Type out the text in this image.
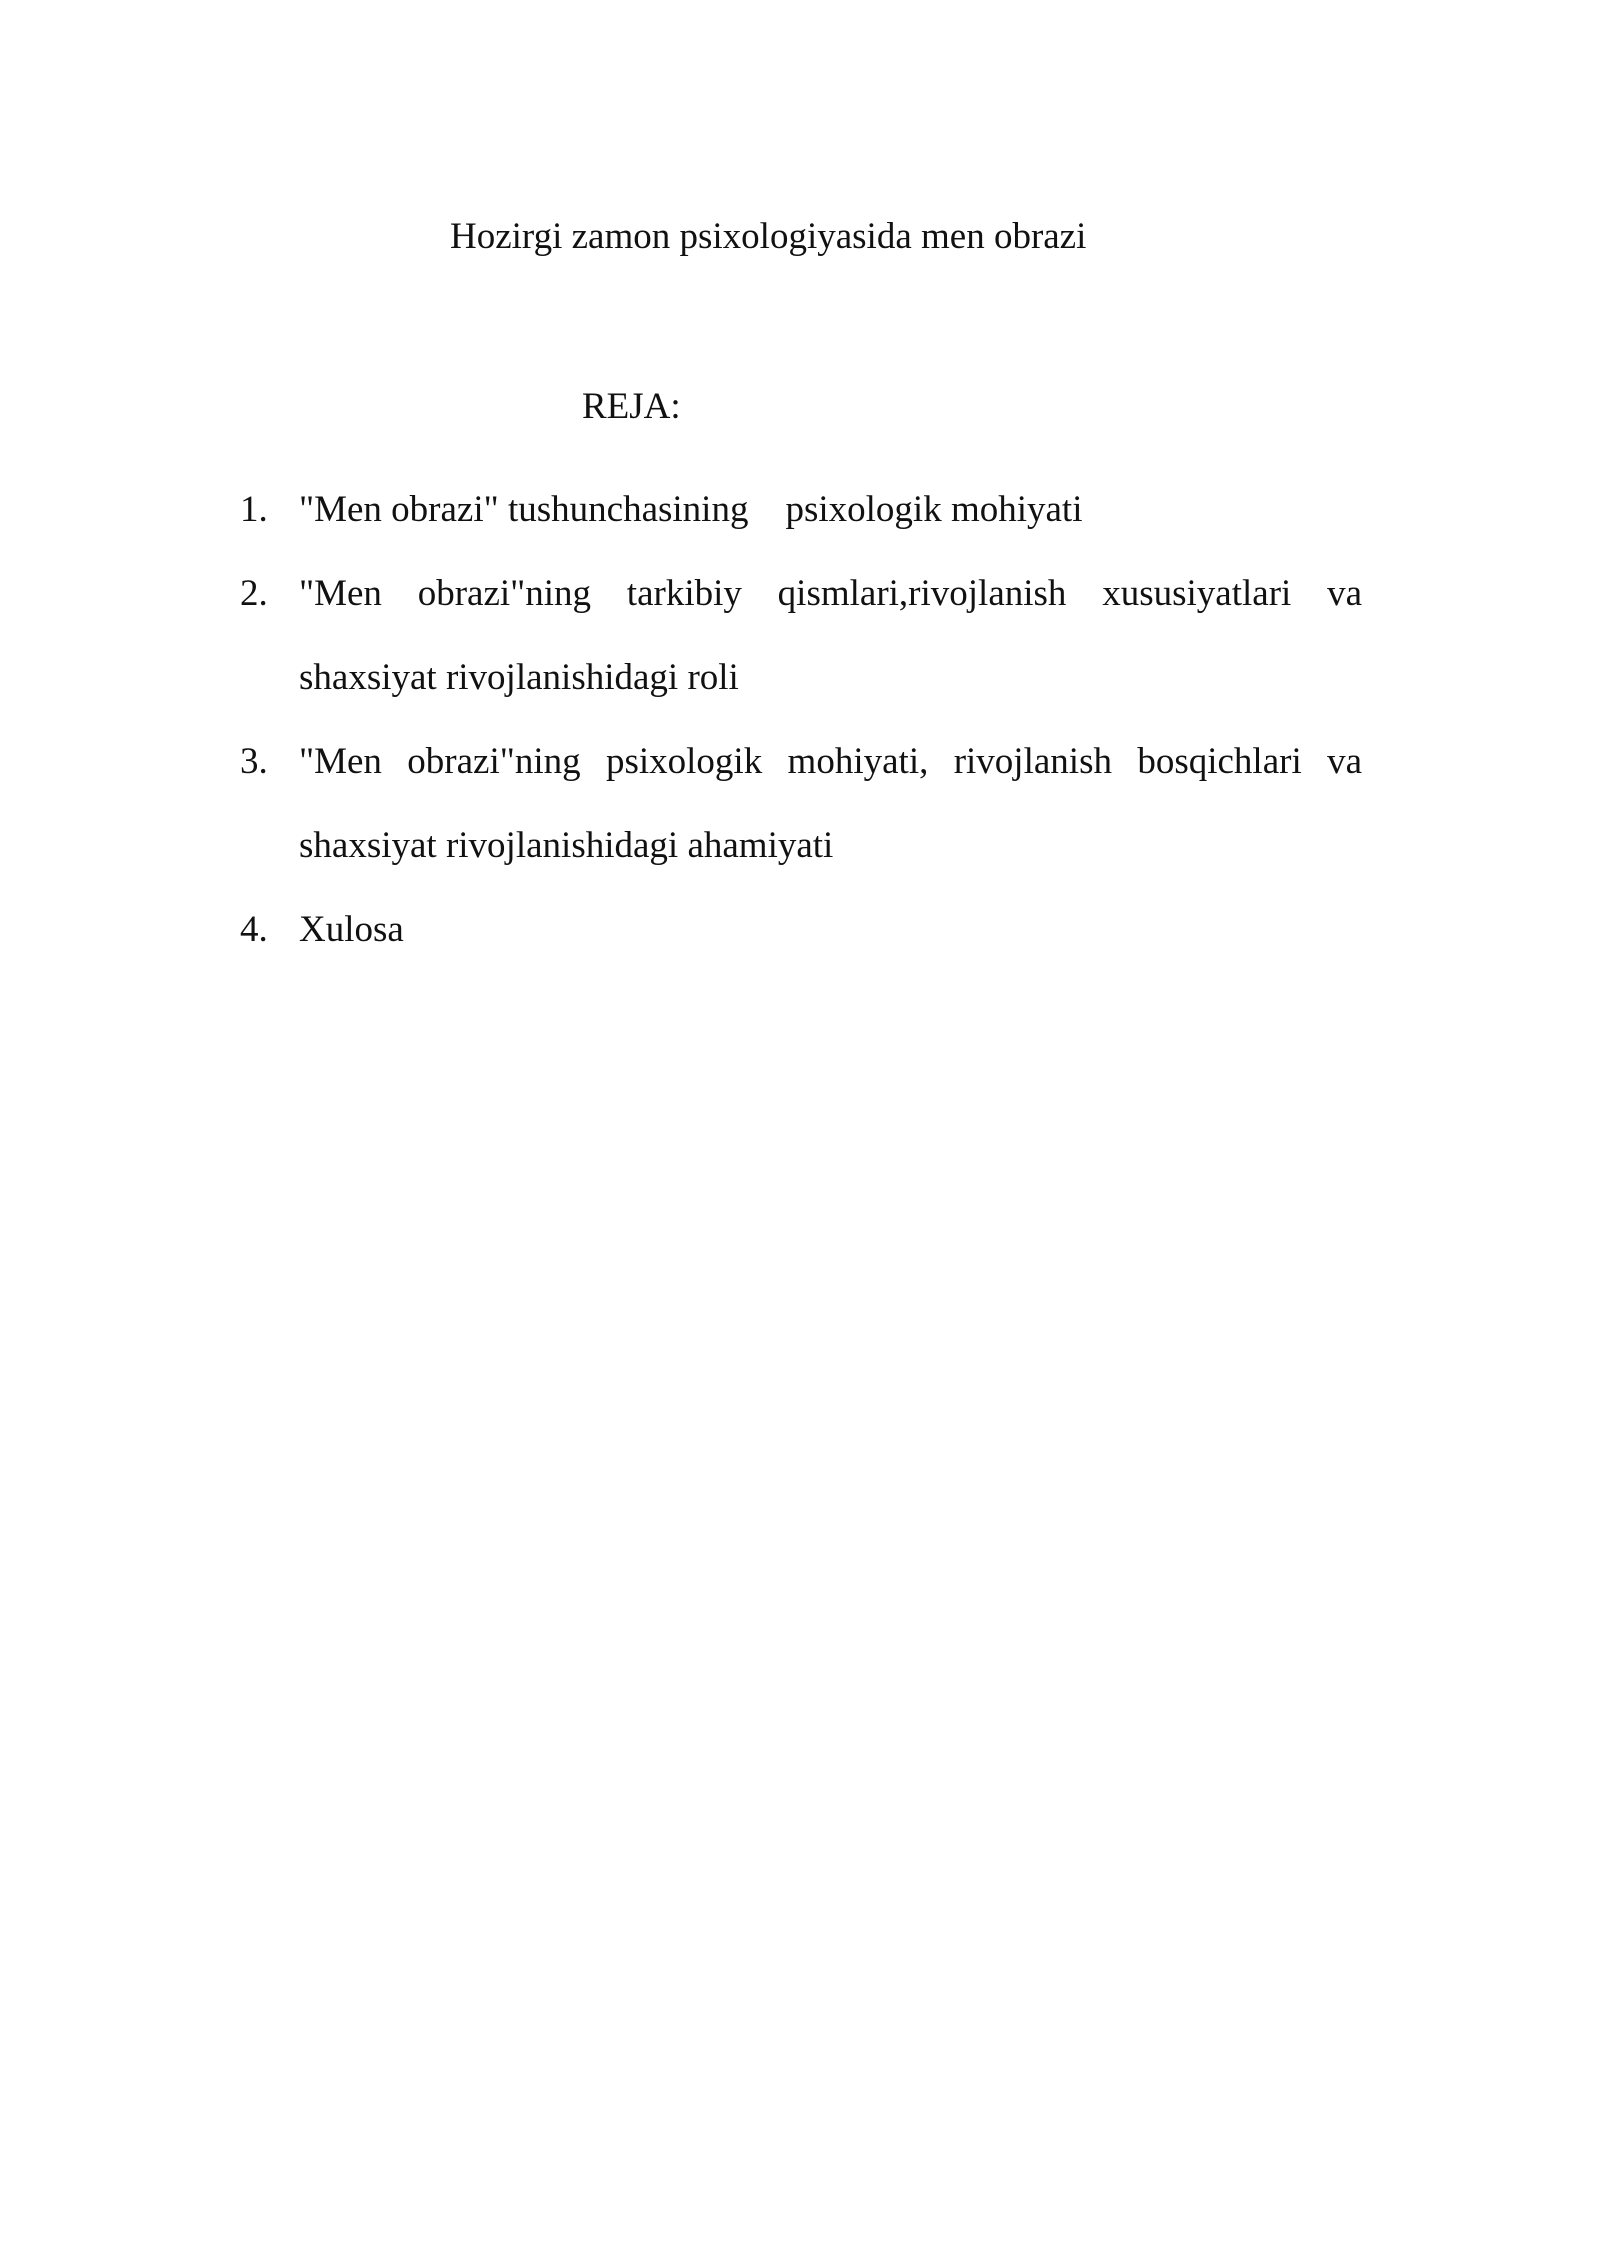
Hozirgi zamon psixologiyasida men obrazi
REJA:
1. "Men obrazi" tushunchasining    psixologik mohiyati
2. "Men obrazi"ning tarkibiy qismlari,rivojlanish xususiyatlari va shaxsiyat rivojlanishidagi roli
3. "Men obrazi"ning psixologik mohiyati, rivojlanish bosqichlari va shaxsiyat rivojlanishidagi ahamiyati
4. Xulosa
